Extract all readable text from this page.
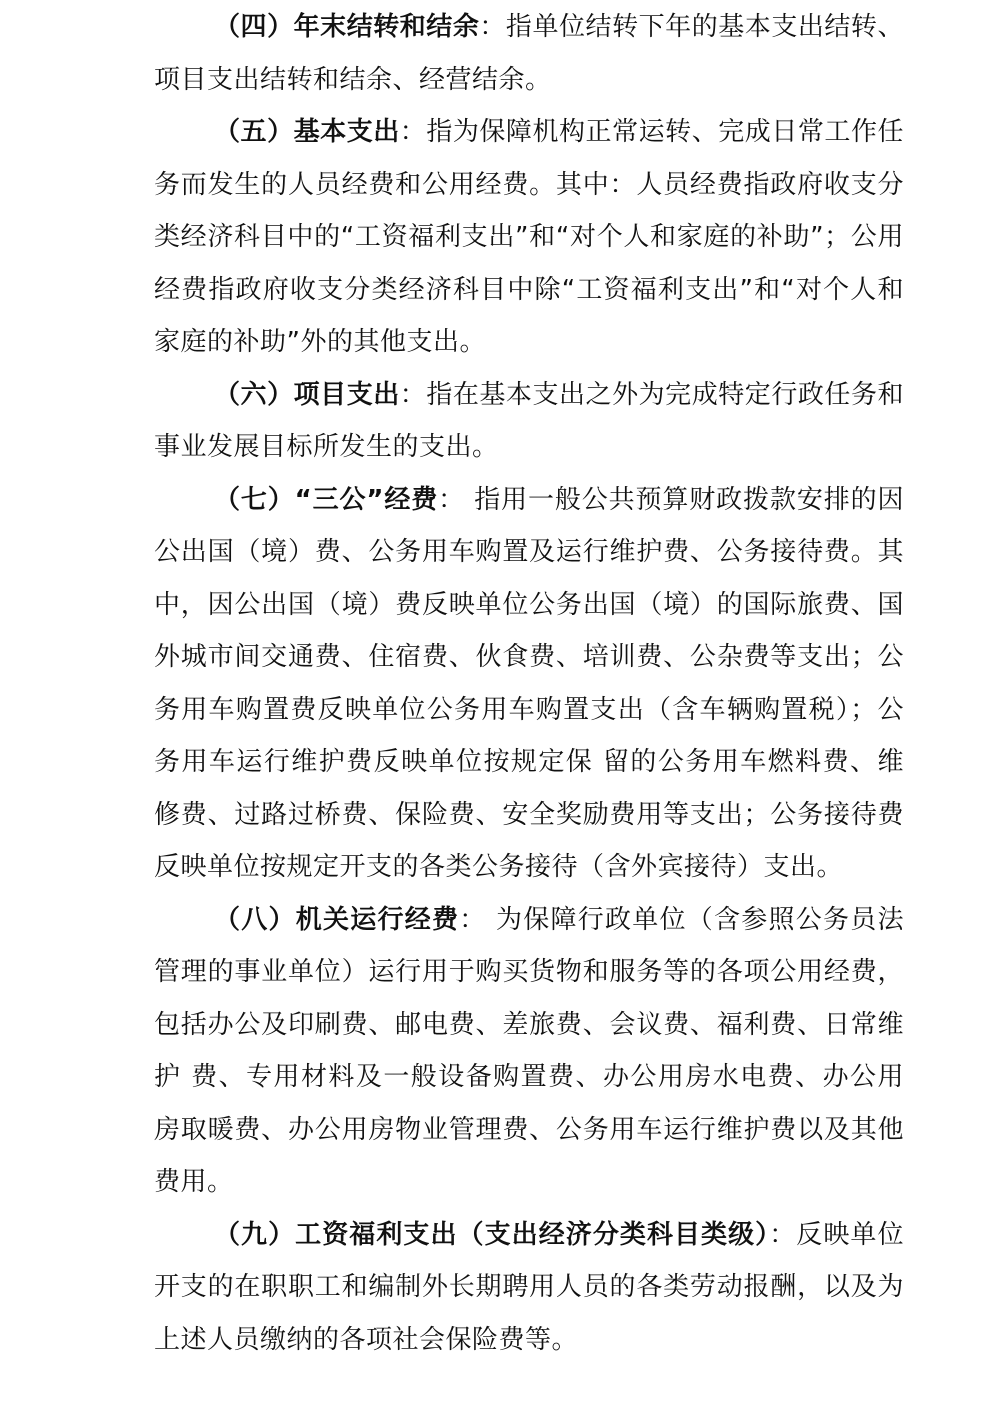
（四）年末结转和结余：指单位结转下年的基本支出结转、项目支出结转和结余、经营结余。

（五）基本支出：指为保障机构正常运转、完成日常工作任务而发生的人员经费和公用经费。其中：人员经费指政府收支分类经济科目中的“工资福利支出”和“对个人和家庭的补助”；公用经费指政府收支分类经济科目中除“工资福利支出”和“对个人和家庭的补助”外的其他支出。

（六）项目支出：指在基本支出之外为完成特定行政任务和事业发展目标所发生的支出。

（七）“三公”经费： 指用一般公共预算财政拨款安排的因公出国（境）费、公务用车购置及运行维护费、公务接待费。其中，因公出国（境）费反映单位公务出国（境）的国际旅费、国 外城市间交通费、住宿费、伙食费、培训费、公杂费等支出；公务用车购置费反映单位公务用车购置支出（含车辆购置税）；公务用车运行维护费反映单位按规定保 留的公务用车燃料费、维修费、过路过桥费、保险费、安全奖励费用等支出；公务接待费反映单位按规定开支的各类公务接待（含外宾接待）支出。

（八）机关运行经费： 为保障行政单位（含参照公务员法管理的事业单位）运行用于购买货物和服务等的各项公用经费，包括办公及印刷费、邮电费、差旅费、会议费、福利费、日常维护 费、专用材料及一般设备购置费、办公用房水电费、办公用房取暖费、办公用房物业管理费、公务用车运行维护费以及其他费用。

（九）工资福利支出（支出经济分类科目类级）：反映单位开支的在职职工和编制外长期聘用人员的各类劳动报酬，以及为上述人员缴纳的各项社会保险费等。
